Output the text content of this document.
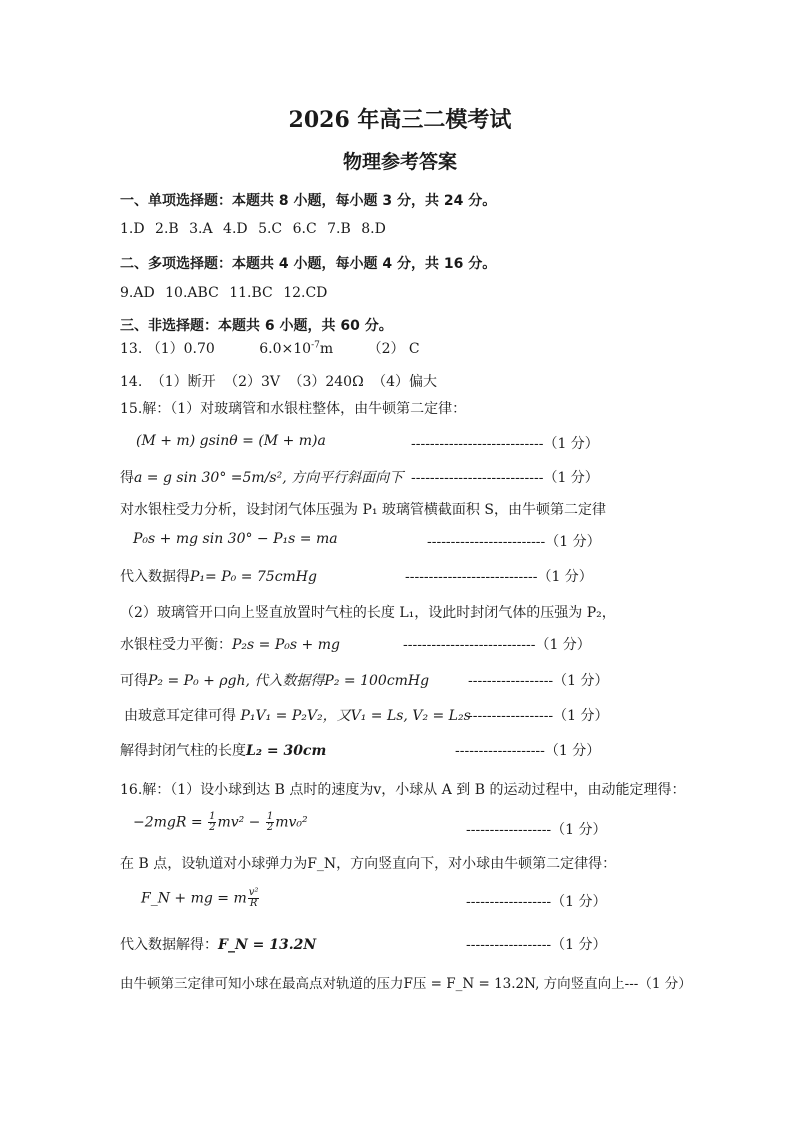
2026 年高三二模考试
物理参考答案
一、单项选择题：本题共 8 小题，每小题 3 分，共 24 分。
1.D 2.B 3.A 4.D 5.C 6.C 7.B 8.D
二、多项选择题：本题共 4 小题，每小题 4 分，共 16 分。
9.AD 10.ABC 11.BC 12.CD
三、非选择题：本题共 6 小题，共 60 分。
13. （1）0.70	$6.0\times 10^{-7}m$ （2） C
14. （1）断开 （2）3V （3）240Ω （4）偏大
15.解：（1）对玻璃管和水银柱整体，由牛顿第二定律：
(M + m) gsinθ = (M + m)a	----------------------------（1 分）
得a = g sin 30° =5m/s², 方向平行斜面向下 ----------------------------（1 分）
对水银柱受力分析，设封闭气体压强为 P₁ 玻璃管横截面积 S，由牛顿第二定律
P₀s + mg sin 30° − P₁s = ma	-------------------------（1 分）
代入数据得P₁= P₀ = 75cmHg	----------------------------（1 分）
（2）玻璃管开口向上竖直放置时气柱的长度 L₁，设此时封闭气体的压强为 P₂，
水银柱受力平衡：P₂s = P₀s + mg	----------------------------（1 分）
可得P₂ = P₀ + ρgh, 代入数据得P₂ = 100cmHg	------------------（1 分）
由玻意耳定律可得 P₁V₁ = P₂V₂，又V₁ = Ls, V₂ = L₂s
------------------（1 分）
解得封闭气柱的长度L₂ = 30cm	-------------------（1 分）
16.解：（1）设小球到达 B 点时的速度为v，小球从 A 到 B 的运动过程中，由动能定理得：
$-2mgR = \frac{1}{2} mv^2 - \frac{1}{2} mv_0^2$	------------------（1 分）
在 B 点，设轨道对小球弹力为F_N，方向竖直向下，对小球由牛顿第二定律得：
F_N + mg = m $\frac{\text{v²}}{R}$	------------------（1 分）
代入数据解得：F_N = 13.2N	------------------（1 分）
由牛顿第三定律可知小球在最高点对轨道的压力F压 = F_N = 13.2N, 方向竖直向上---（1 分）
